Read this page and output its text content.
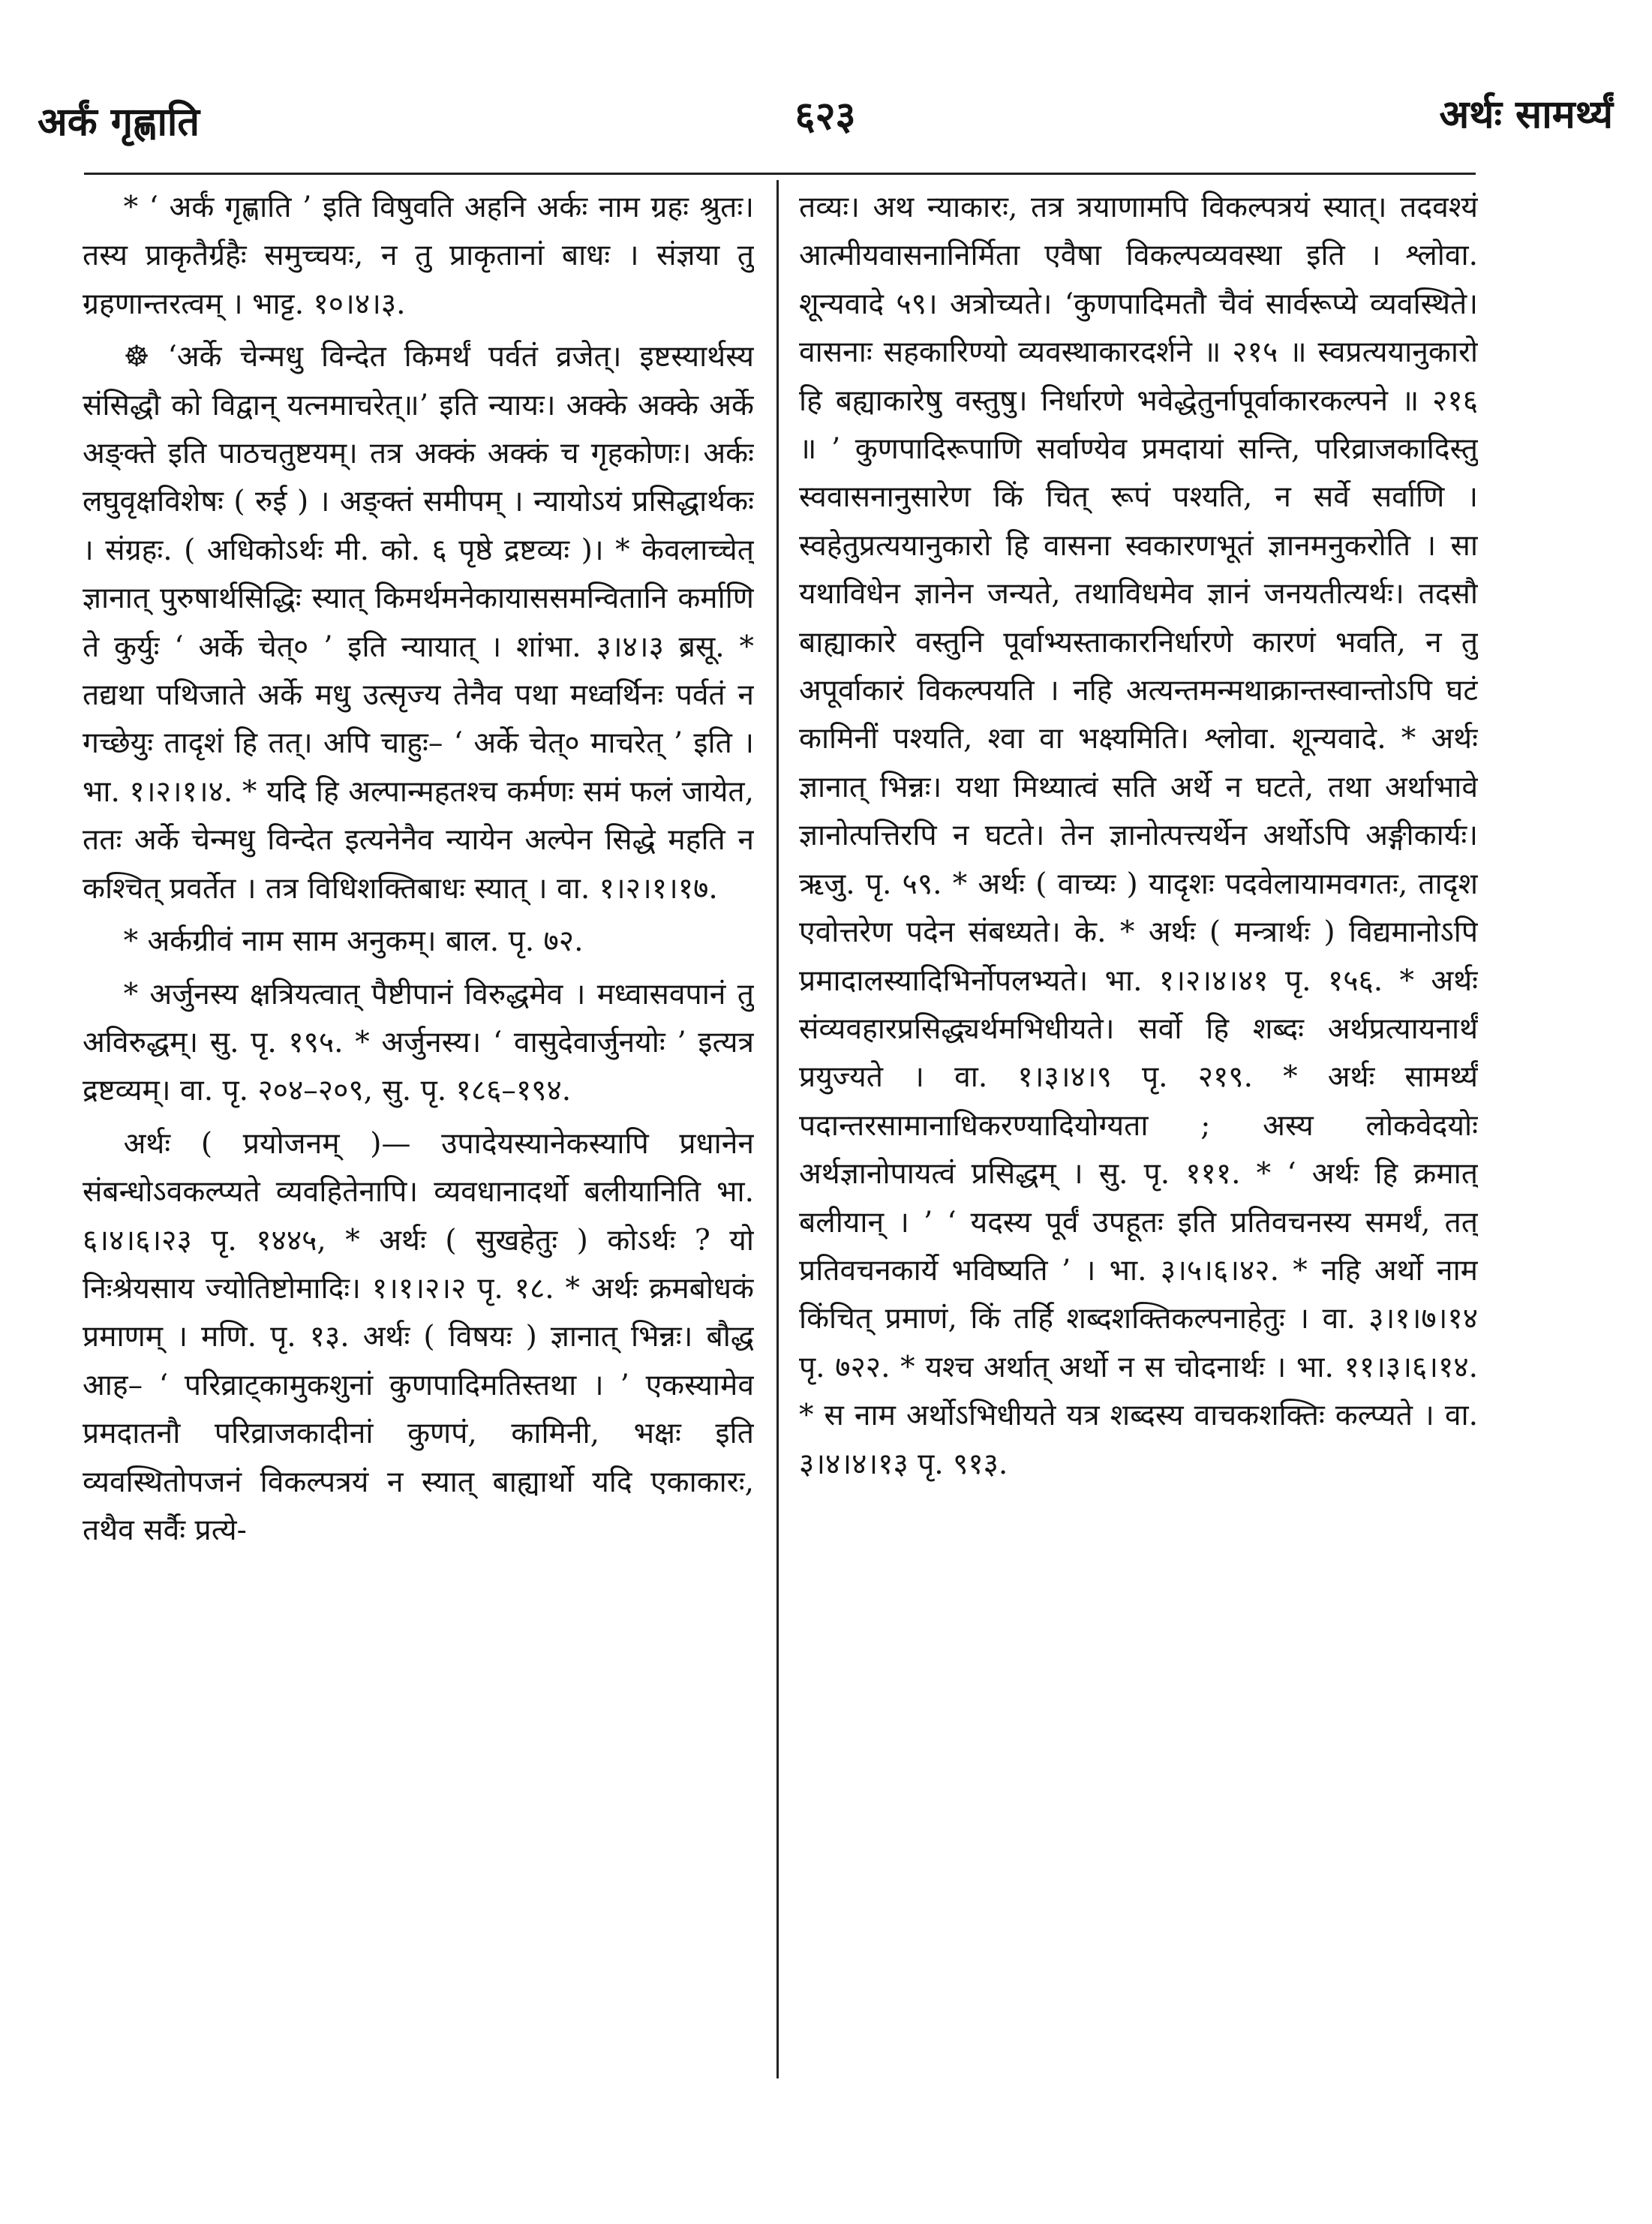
अर्कं गृह्णाति	६२३	अर्थः सामर्थ्यं

* ‘ अर्कं गृह्णाति ’ इति विषुवति अहनि अर्कः नाम ग्रहः श्रुतः। तस्य प्राकृतैर्ग्रहैः समुच्चयः, न तु प्राकृतानां बाधः । संज्ञया तु ग्रहणान्तरत्वम् । भाट्ट. १०।४।३.

☸ ‘अर्के चेन्मधु विन्देत किमर्थं पर्वतं व्रजेत्। इष्टस्यार्थस्य संसिद्धौ को विद्वान् यत्नमाचरेत्॥’ इति न्यायः। अक्के अक्के अर्के अङ्क्ते इति पाठचतुष्टयम्। तत्र अक्कं अक्कं च गृहकोणः। अर्कः लघुवृक्षविशेषः ( रुई ) । अङ्क्तं समीपम् । न्यायोऽयं प्रसिद्धार्थकः । संग्रहः. ( अधिकोऽर्थः मी. को. ६ पृष्ठे द्रष्टव्यः )। * केवलाच्चेत् ज्ञानात् पुरुषार्थसिद्धिः स्यात् किमर्थमनेकायाससमन्वितानि कर्माणि ते कुर्युः ‘ अर्के चेत्० ’ इति न्यायात् । शांभा. ३।४।३ ब्रसू. * तद्यथा पथिजाते अर्के मधु उत्सृज्य तेनैव पथा मध्वर्थिनः पर्वतं न गच्छेयुः तादृशं हि तत्। अपि चाहुः– ‘ अर्के चेत्० माचरेत् ’ इति । भा. १।२।१।४. * यदि हि अल्पान्महतश्च कर्मणः समं फलं जायेत, ततः अर्के चेन्मधु विन्देत इत्यनेनैव न्यायेन अल्पेन सिद्धे महति न कश्चित् प्रवर्तेत । तत्र विधिशक्तिबाधः स्यात् । वा. १।२।१।१७.

* अर्कग्रीवं नाम साम अनुकम्। बाल. पृ. ७२.

* अर्जुनस्य क्षत्रियत्वात् पैष्टीपानं विरुद्धमेव । मध्वासवपानं तु अविरुद्धम्। सु. पृ. १९५. * अर्जुनस्य। ‘ वासुदेवार्जुनयोः ’ इत्यत्र द्रष्टव्यम्। वा. पृ. २०४–२०९, सु. पृ. १८६–१९४.

अर्थः ( प्रयोजनम् )— उपादेयस्यानेकस्यापि प्रधानेन संबन्धोऽवकल्प्यते व्यवहितेनापि। व्यवधानादर्थो बलीयानिति भा. ६।४।६।२३ पृ. १४४५, * अर्थः ( सुखहेतुः ) कोऽर्थः ? यो निःश्रेयसाय ज्योतिष्टोमादिः। १।१।२।२ पृ. १८. * अर्थः क्रमबोधकं प्रमाणम् । मणि. पृ. १३. अर्थः ( विषयः ) ज्ञानात् भिन्नः। बौद्ध आह– ‘ परिव्राट्कामुकशुनां कुणपादिमतिस्तथा । ’ एकस्यामेव प्रमदातनौ परिव्राजकादीनां कुणपं, कामिनी, भक्षः इति व्यवस्थितोपजनं विकल्पत्रयं न स्यात् बाह्यार्थो यदि एकाकारः, तथैव सर्वैः प्रत्ये-

तव्यः। अथ न्याकारः, तत्र त्रयाणामपि विकल्पत्रयं स्यात्। तदवश्यं आत्मीयवासनानिर्मिता एवैषा विकल्पव्यवस्था इति । श्लोवा. शून्यवादे ५९। अत्रोच्यते। ‘कुणपादिमतौ चैवं सार्वरूप्ये व्यवस्थिते। वासनाः सहकारिण्यो व्यवस्थाकारदर्शने ॥ २१५ ॥ स्वप्रत्ययानुकारो हि बह्याकारेषु वस्तुषु। निर्धारणे भवेद्धेतुर्नापूर्वाकारकल्पने ॥ २१६ ॥ ’ कुणपादिरूपाणि सर्वाण्येव प्रमदायां सन्ति, परिव्राजकादिस्तु स्ववासनानुसारेण किं चित् रूपं पश्यति, न सर्वे सर्वाणि । स्वहेतुप्रत्ययानुकारो हि वासना स्वकारणभूतं ज्ञानमनुकरोति । सा यथाविधेन ज्ञानेन जन्यते, तथाविधमेव ज्ञानं जनयतीत्यर्थः। तदसौ बाह्याकारे वस्तुनि पूर्वाभ्यस्ताकारनिर्धारणे कारणं भवति, न तु अपूर्वाकारं विकल्पयति । नहि अत्यन्तमन्मथाक्रान्तस्वान्तोऽपि घटं कामिनीं पश्यति, श्वा वा भक्ष्यमिति। श्लोवा. शून्यवादे. * अर्थः ज्ञानात् भिन्नः। यथा मिथ्यात्वं सति अर्थे न घटते, तथा अर्थाभावे ज्ञानोत्पत्तिरपि न घटते। तेन ज्ञानोत्पत्त्यर्थेन अर्थोऽपि अङ्गीकार्यः। ऋजु. पृ. ५९. * अर्थः ( वाच्यः ) यादृशः पदवेलायामवगतः, तादृश एवोत्तरेण पदेन संबध्यते। के. * अर्थः ( मन्त्रार्थः ) विद्यमानोऽपि प्रमादालस्यादिभिर्नोपलभ्यते। भा. १।२।४।४१ पृ. १५६. * अर्थः संव्यवहारप्रसिद्ध्यर्थमभिधीयते। सर्वो हि शब्दः अर्थप्रत्यायनार्थं प्रयुज्यते । वा. १।३।४।९ पृ. २१९. * अर्थः सामर्थ्यं पदान्तरसामानाधिकरण्यादियोग्यता ; अस्य लोकवेदयोः अर्थज्ञानोपायत्वं प्रसिद्धम् । सु. पृ. १११. * ‘ अर्थः हि क्रमात् बलीयान् । ’ ‘ यदस्य पूर्वं उपहूतः इति प्रतिवचनस्य समर्थं, तत् प्रतिवचनकार्ये भविष्यति ’ । भा. ३।५।६।४२. * नहि अर्थो नाम किंचित् प्रमाणं, किं तर्हि शब्दशक्तिकल्पनाहेतुः । वा. ३।१।७।१४ पृ. ७२२. * यश्च अर्थात् अर्थो न स चोदनार्थः । भा. ११।३।६।१४. * स नाम अर्थोऽभिधीयते यत्र शब्दस्य वाचकशक्तिः कल्प्यते । वा. ३।४।४।१३ पृ. ९१३.
